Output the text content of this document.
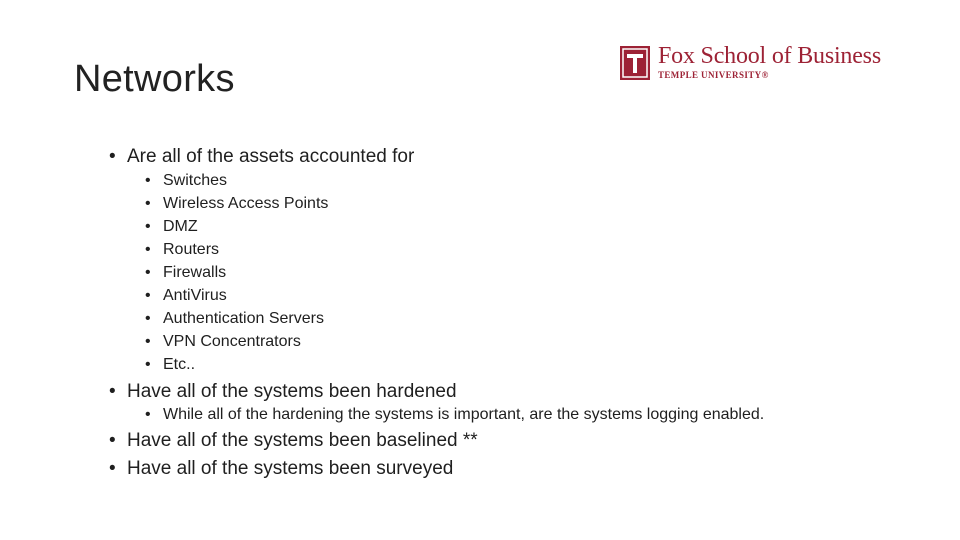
Networks
Fox School of Business
TEMPLE UNIVERSITY®
• Are all of the assets accounted for
• Switches
• Wireless Access Points
• DMZ
• Routers
• Firewalls
• AntiVirus
• Authentication Servers
• VPN Concentrators
• Etc..
• Have all of the systems been hardened
• While all of the hardening the systems is important, are the systems logging enabled.
• Have all of the systems been baselined **
• Have all of the systems been surveyed
